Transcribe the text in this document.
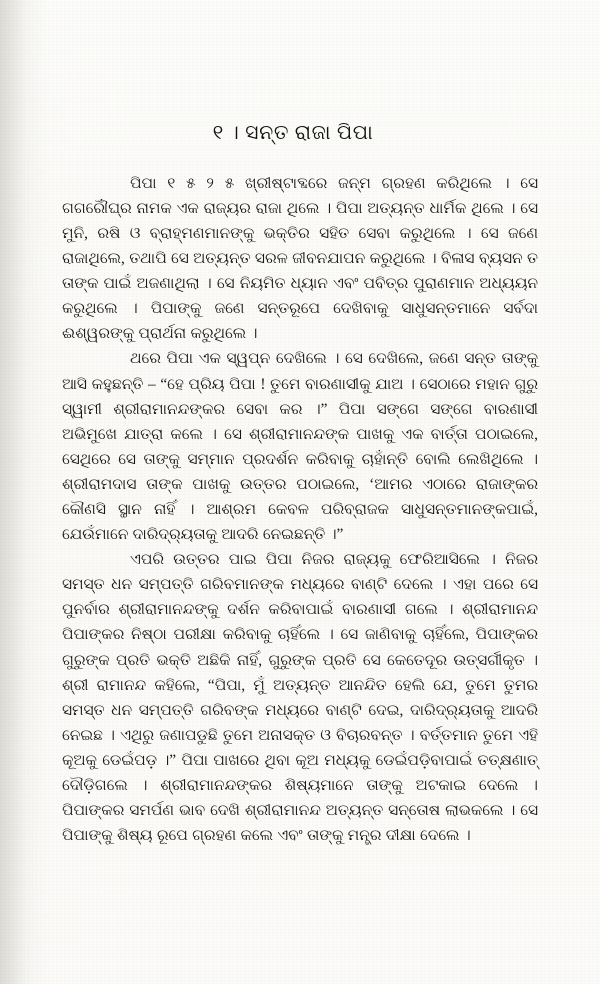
୧ । ସନ୍ତ ରାଜା ପିପା

ପିପା ୧ ୫ ୨ ୫ ଖ୍ରୀଷ୍ଟାବ୍ଦରେ ଜନ୍ମ ଗ୍ରହଣ କରିଥିଲେ । ସେ ଗଗରୌଁଘ୍ର ନାମକ ଏକ ରାଜ୍ୟର ରାଜା ଥିଲେ । ପିପା ଅତ୍ୟନ୍ତ ଧାର୍ମିକ ଥିଲେ । ସେ ମୁନି, ରଷି ଓ ବ୍ରାହ୍ମଣମାନଙ୍କୁ ଭକ୍ତିର ସହିତ ସେବା କରୁଥିଲେ । ସେ ଜଣେ ରାଜାଥିଲେ, ତଥାପି ସେ ଅତ୍ୟନ୍ତ ସରଳ ଜୀବନଯାପନ କରୁଥିଲେ । ବିଳାସ ବ୍ୟସନ ତ ତାଙ୍କ ପାଇଁ ଅଜଣାଥିଲା । ସେ ନିୟମିତ ଧ୍ୟାନ ଏବଂ ପବିତ୍ର ପୁରାଣମାନ ଅଧ୍ୟୟନ କରୁଥିଲେ । ପିପାଙ୍କୁ ଜଣେ ସନ୍ତରୂପେ ଦେଖିବାକୁ ସାଧୁସନ୍ତମାନେ ସର୍ବଦା ଈଶ୍ୱରଙ୍କୁ ପ୍ରାର୍ଥନା କରୁଥିଲେ ।

ଥରେ ପିପା ଏକ ସ୍ୱପ୍ନ ଦେଖିଲେ । ସେ ଦେଖିଲେ, ଜଣେ ସନ୍ତ ତାଙ୍କୁ ଆସି କହୁଛନ୍ତି – “ହେ ପ୍ରିୟ ପିପା ! ତୁମେ ବାରଣାସୀକୁ ଯାଅ । ସେଠାରେ ମହାନ ଗୁରୁ ସ୍ୱାମୀ ଶ୍ରୀରାମାନନ୍ଦଙ୍କର ସେବା କର ।” ପିପା ସଙ୍ଗେ ସଙ୍ଗେ ବାରଣାସୀ ଅଭିମୁଖେ ଯାତ୍ରା କଲେ । ସେ ଶ୍ରୀରାମାନନ୍ଦଙ୍କ ପାଖକୁ ଏକ ବାର୍ତ୍ତା ପଠାଇଲେ, ସେଥିରେ ସେ ତାଙ୍କୁ ସମ୍ମାନ ପ୍ରଦର୍ଶନ କରିବାକୁ ଚାହାଁନ୍ତି ବୋଲି ଲେଖିଥିଲେ । ଶ୍ରୀରାମଦାସ ତାଙ୍କ ପାଖକୁ ଉତ୍ତର ପଠାଇଲେ, ‘ଆମର ଏଠାରେ ରାଜାଙ୍କର କୌଣସି ସ୍ଥାନ ନାହିଁ । ଆଶ୍ରମ କେବଳ ପରିବ୍ରାଜକ ସାଧୁସନ୍ତମାନଙ୍କପାଇଁ, ଯେଉଁମାନେ ଦାରିଦ୍ର୍ୟତାକୁ ଆଦରି ନେଇଛନ୍ତି ।”

ଏପରି ଉତ୍ତର ପାଇ ପିପା ନିଜର ରାଜ୍ୟକୁ ଫେରିଆସିଲେ । ନିଜର ସମସ୍ତ ଧନ ସମ୍ପତ୍ତି ଗରିବମାନଙ୍କ ମଧ୍ୟରେ ବାଣ୍ଟି ଦେଲେ । ଏହା ପରେ ସେ ପୁନର୍ବାର ଶ୍ରୀରାମାନନ୍ଦଙ୍କୁ ଦର୍ଶନ କରିବାପାଇଁ ବାରଣାସୀ ଗଲେ । ଶ୍ରୀରାମାନନ୍ଦ ପିପାଙ୍କର ନିଷ୍ଠା ପରୀକ୍ଷା କରିବାକୁ ଚାହିଁଲେ । ସେ ଜାଣିବାକୁ ଚାହିଁଲେ, ପିପାଙ୍କର ଗୁରୁଙ୍କ ପ୍ରତି ଭକ୍ତି ଅଛିକି ନାହିଁ, ଗୁରୁଙ୍କ ପ୍ରତି ସେ କେତେଦୂର ଉତ୍ସର୍ଗୀକୃତ । ଶ୍ରୀ ରାମାନନ୍ଦ କହିଲେ, “ପିପା, ମୁଁ ଅତ୍ୟନ୍ତ ଆନନ୍ଦିତ ହେଲି ଯେ, ତୁମେ ତୁମର ସମସ୍ତ ଧନ ସମ୍ପତ୍ତି ଗରିବଙ୍କ ମଧ୍ୟରେ ବାଣ୍ଟି ଦେଇ, ଦାରିଦ୍ର୍ୟତାକୁ ଆଦରି ନେଇଛ । ଏଥିରୁ ଜଣାପଡୁଛି ତୁମେ ଅନାସକ୍ତ ଓ ବିଚାରବନ୍ତ । ବର୍ତ୍ତମାନ ତୁମେ ଏହି କୂଅକୁ ଡେଇଁପଡ଼ ।” ପିପା ପାଖରେ ଥିବା କୂଅ ମଧ୍ୟକୁ ଡେଇଁପଡ଼ିବାପାଇଁ ତତ୍‌କ୍ଷଣାତ୍ ଦୌଡ଼ିଗଲେ । ଶ୍ରୀରାମାନନ୍ଦଙ୍କର ଶିଷ୍ୟମାନେ ତାଙ୍କୁ ଅଟକାଇ ଦେଲେ । ପିପାଙ୍କର ସମର୍ପଣ ଭାବ ଦେଖି ଶ୍ରୀରାମାନନ୍ଦ ଅତ୍ୟନ୍ତ ସନ୍ତୋଷ ଲାଭକଲେ । ସେ ପିପାଙ୍କୁ ଶିଷ୍ୟ ରୂପେ ଗ୍ରହଣ କଲେ ଏବଂ ତାଙ୍କୁ ମନ୍ତ୍ର ଦୀକ୍ଷା ଦେଲେ ।
